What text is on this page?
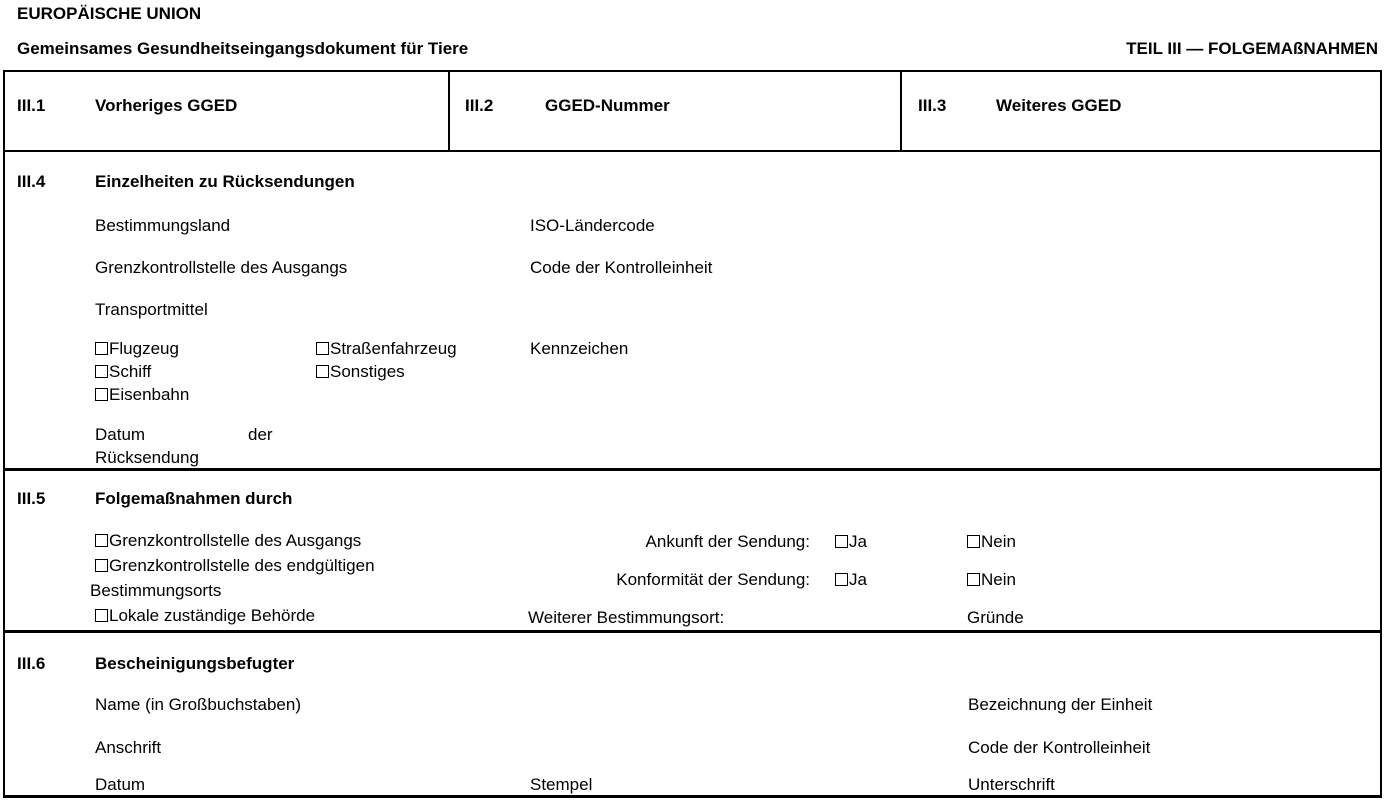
EUROPÄISCHE UNION
Gemeinsames Gesundheitseingangsdokument für Tiere	TEIL III — FOLGEMAßNAHMEN
III.1	Vorheriges GGED	III.2	GGED-Nummer	III.3	Weiteres GGED
III.4	Einzelheiten zu Rücksendungen
Bestimmungsland	ISO-Ländercode
Grenzkontrollstelle des Ausgangs	Code der Kontrolleinheit
Transportmittel
Flugzeug	Straßenfahrzeug	Kennzeichen
Schiff	Sonstiges
Eisenbahn
Datum	der
Rücksendung
III.5	Folgemaßnahmen durch
Grenzkontrollstelle des Ausgangs
Grenzkontrollstelle des endgültigen
Bestimmungsorts
Lokale zuständige Behörde
Ankunft der Sendung:	Ja	Nein
Konformität der Sendung:	Ja	Nein
Weiterer Bestimmungsort:	Gründe
III.6	Bescheinigungsbefugter
Name (in Großbuchstaben)	Bezeichnung der Einheit
Anschrift	Code der Kontrolleinheit
Datum	Stempel	Unterschrift
